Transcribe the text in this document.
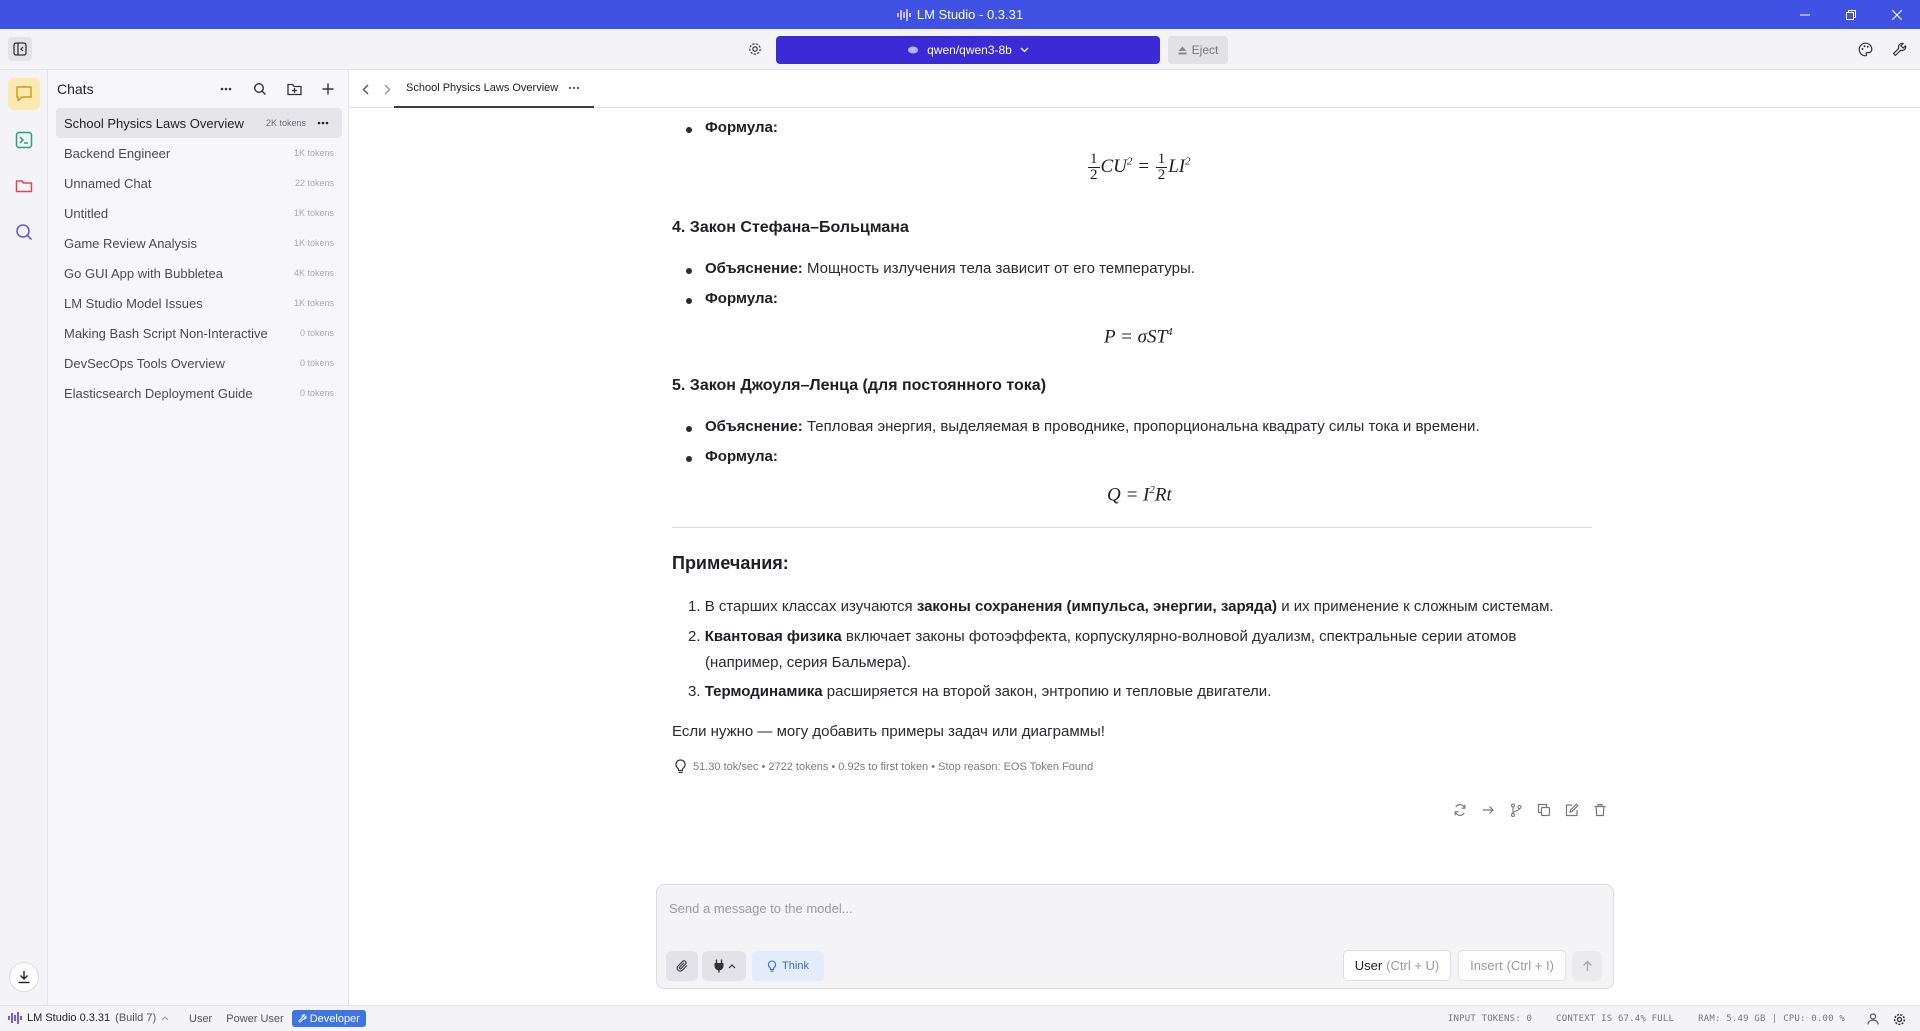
LM Studio - 0.3.31
qwen/qwen3-8b	Eject
Chats
School Physics Laws Overview	2K tokens
Backend Engineer	1K tokens
Unnamed Chat	22 tokens
Untitled	1K tokens
Game Review Analysis	1K tokens
Go GUI App with Bubbletea	4K tokens
LM Studio Model Issues	1K tokens
Making Bash Script Non-Interactive	0 tokens
DevSecOps Tools Overview	0 tokens
Elasticsearch Deployment Guide	0 tokens
School Physics Laws Overview
Формула:
$\frac{1}{2} CU^2 = \frac{1}{2} LI^2$
4. Закон Стефана–Больцмана
Объяснение: Мощность излучения тела зависит от его температуры.
Формула:
P = σST$^4$
5. Закон Джоуля–Ленца (для постоянного тока)
Объяснение: Тепловая энергия, выделяемая в проводнике, пропорциональна квадрату силы тока и времени.
Формула:
$Q = I^2Rt$
Примечания:
1. В старших классах изучаются законы сохранения (импульса, энергии, заряда) и их применение к сложным системам.
2. Квантовая физика включает законы фотоэффекта, корпускулярно-волновой дуализм, спектральные серии атомов
(например, серия Бальмера).
3. Термодинамика расширяется на второй закон, энтропию и тепловые двигатели.
Если нужно — могу добавить примеры задач или диаграммы!
51.30 tok/sec • 2722 tokens • 0.92s to first token • Stop reason: EOS Token Found
Send a message to the model...
Think	User (Ctrl + U) Insert (Ctrl + I)
LM Studio 0.3.31 (Build 7)	User	Power User	Developer	INPUT TOKENS: 0	CONTEXT IS 67.4% FULL	RAM: 5.49 GB | CPU: 0.00 %
